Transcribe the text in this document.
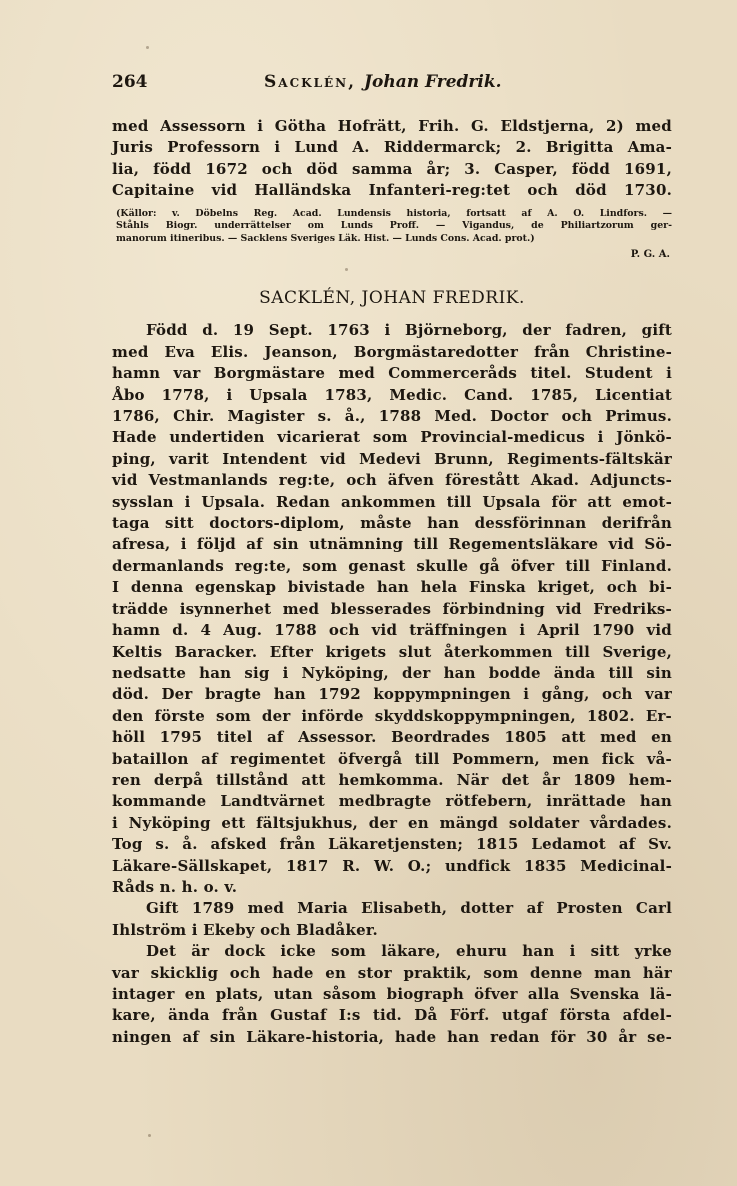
264	Sacklén, Johan Fredrik.
med Assessorn i Götha Hofrätt, Frih. G. Eldstjerna, 2) med
Juris Professorn i Lund A. Riddermarck; 2. Brigitta Ama-
lia, född 1672 och död samma år; 3. Casper, född 1691,
Capitaine vid Halländska Infanteri-reg:tet och död 1730.
(Källor: v. Döbelns Reg. Acad. Lundensis historia, fortsatt af A. O. Lindfors. —
Ståhls Biogr. underrättelser om Lunds Proff. — Vigandus, de Philiartzorum ger-
manorum itineribus. — Sacklens Sveriges Läk. Hist. — Lunds Cons. Acad. prot.)
P. G. A.
SACKLÉN, JOHAN FREDRIK.
Född d. 19 Sept. 1763 i Björneborg, der fadren, gift
med Eva Elis. Jeanson, Borgmästaredotter från Christine-
hamn var Borgmästare med Commerceråds titel. Student i
Åbo 1778, i Upsala 1783, Medic. Cand. 1785, Licentiat
1786, Chir. Magister s. å., 1788 Med. Doctor och Primus.
Hade undertiden vicarierat som Provincial-medicus i Jönkö-
ping, varit Intendent vid Medevi Brunn, Regiments-fältskär
vid Vestmanlands reg:te, och äfven förestått Akad. Adjuncts-
sysslan i Upsala. Redan ankommen till Upsala för att emot-
taga sitt doctors-diplom, måste han dessförinnan derifrån
afresa, i följd af sin utnämning till Regementsläkare vid Sö-
dermanlands reg:te, som genast skulle gå öfver till Finland.
I denna egenskap bivistade han hela Finska kriget, och bi-
trädde isynnerhet med blesserades förbindning vid Fredriks-
hamn d. 4 Aug. 1788 och vid träffningen i April 1790 vid
Keltis Baracker. Efter krigets slut återkommen till Sverige,
nedsatte han sig i Nyköping, der han bodde ända till sin
död. Der bragte han 1792 koppympningen i gång, och var
den förste som der införde skyddskoppympningen, 1802. Er-
höll 1795 titel af Assessor. Beordrades 1805 att med en
bataillon af regimentet öfvergå till Pommern, men fick vå-
ren derpå tillstånd att hemkomma. När det år 1809 hem-
kommande Landtvärnet medbragte rötfebern, inrättade han
i Nyköping ett fältsjukhus, der en mängd soldater vårdades.
Tog s. å. afsked från Läkaretjensten; 1815 Ledamot af Sv.
Läkare-Sällskapet, 1817 R. W. O.; undfick 1835 Medicinal-
Råds n. h. o. v.
Gift 1789 med Maria Elisabeth, dotter af Prosten Carl
Ihlström i Ekeby och Bladåker.
Det är dock icke som läkare, ehuru han i sitt yrke
var skicklig och hade en stor praktik, som denne man här
intager en plats, utan såsom biograph öfver alla Svenska lä-
kare, ända från Gustaf I:s tid. Då Förf. utgaf första afdel-
ningen af sin Läkare-historia, hade han redan för 30 år se-
